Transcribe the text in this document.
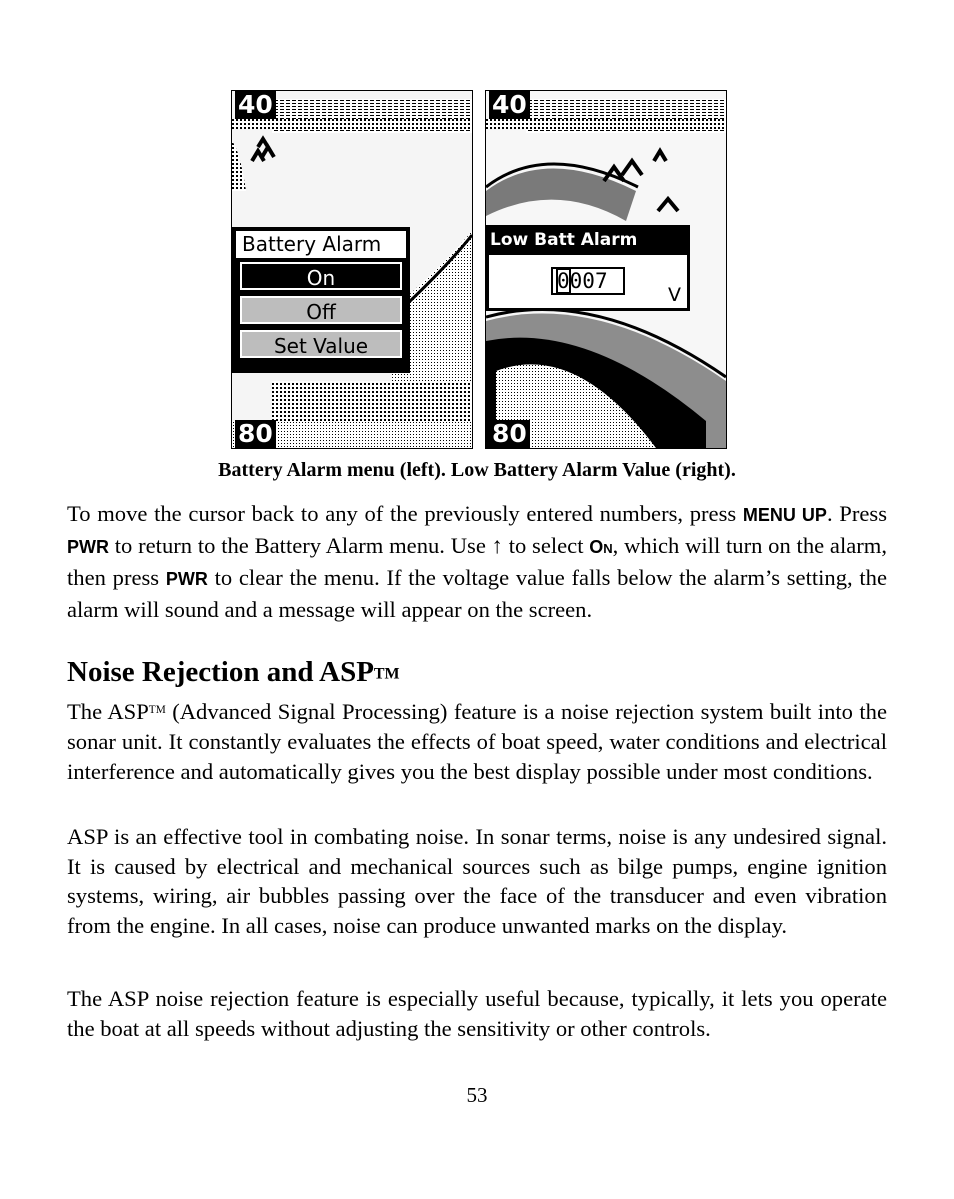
40
80
Battery Alarm
On
Off
Set Value
40
80
Low Batt Alarm
0007
V
Battery Alarm menu (left). Low Battery Alarm Value (right).

To move the cursor back to any of the previously entered numbers, press MENU UP. Press PWR to return to the Battery Alarm menu. Use ↑ to select ON, which will turn on the alarm, then press PWR to clear the menu. If the voltage value falls below the alarm’s setting, the alarm will sound and a message will appear on the screen.

Noise Rejection and ASPTM

The ASP™ (Advanced Signal Processing) feature is a noise rejection system built into the sonar unit. It constantly evaluates the effects of boat speed, water conditions and electrical interference and automatically gives you the best display possible under most conditions.

ASP is an effective tool in combating noise. In sonar terms, noise is any undesired signal. It is caused by electrical and mechanical sources such as bilge pumps, engine ignition systems, wiring, air bubbles passing over the face of the transducer and even vibration from the engine. In all cases, noise can produce unwanted marks on the display.

The ASP noise rejection feature is especially useful because, typically, it lets you operate the boat at all speeds without adjusting the sensitivity or other controls.

53
